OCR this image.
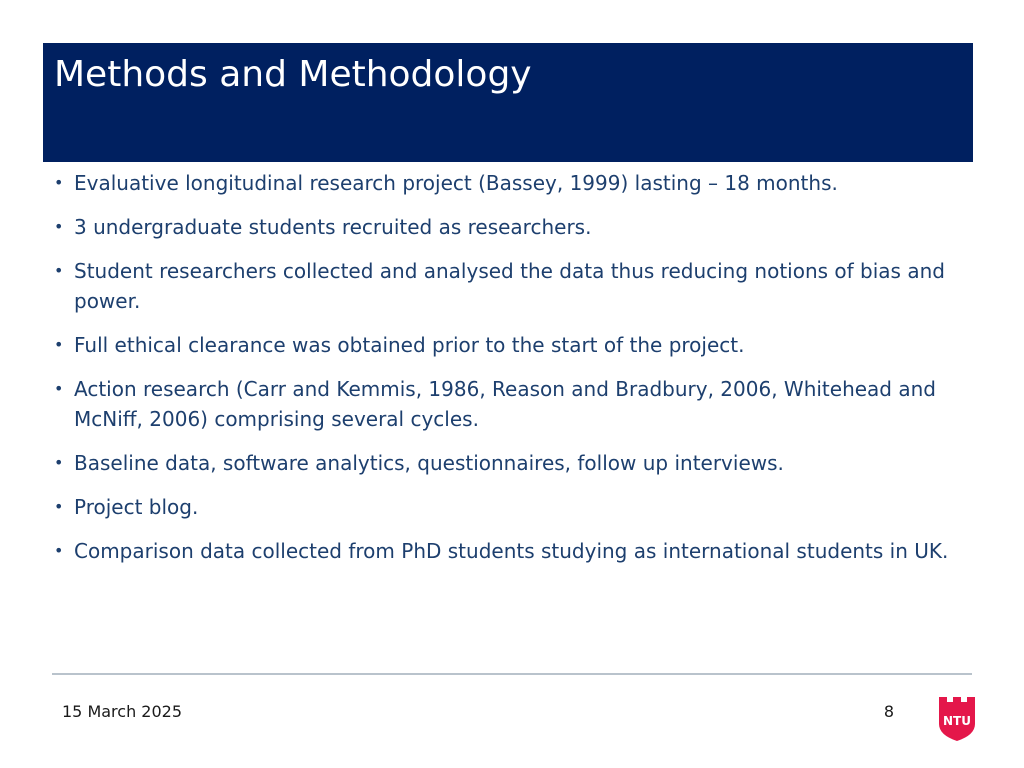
Methods and Methodology
• Evaluative longitudinal research project (Bassey, 1999) lasting – 18 months.
• 3 undergraduate students recruited as researchers.
• Student researchers collected and analysed the data thus reducing notions of bias and power.
• Full ethical clearance was obtained prior to the start of the project.
• Action research (Carr and Kemmis, 1986, Reason and Bradbury, 2006, Whitehead and McNiff, 2006) comprising several cycles.
• Baseline data, software analytics, questionnaires, follow up interviews.
• Project blog.
• Comparison data collected from PhD students studying as international students in UK.
15 March 2025	8	NTU
